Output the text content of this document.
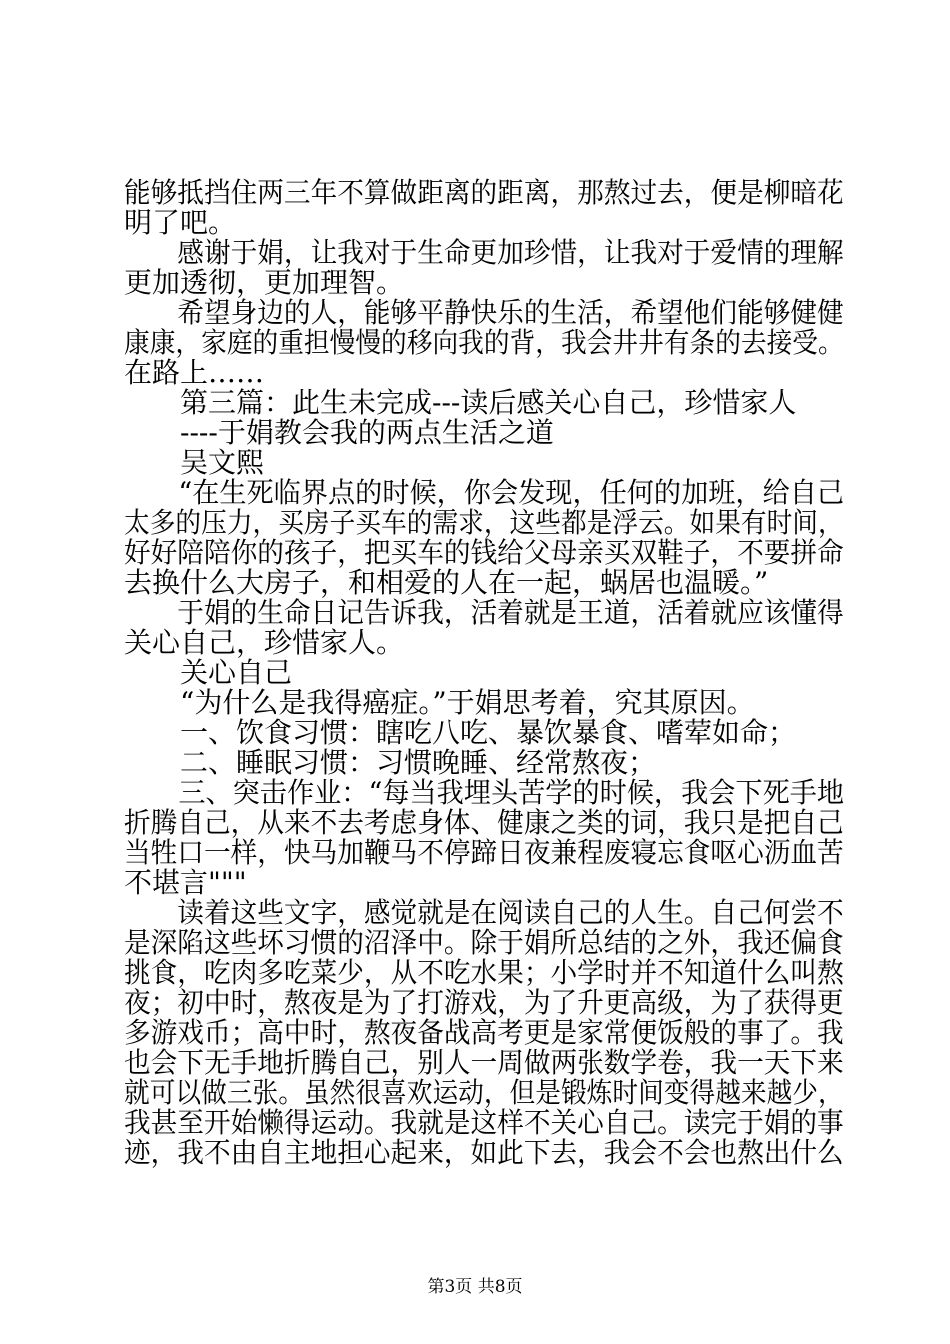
能够抵挡住两三年不算做距离的距离，那熬过去，便是柳暗花
明了吧。
感谢于娟，让我对于生命更加珍惜，让我对于爱情的理解
更加透彻，更加理智。
希望身边的人，能够平静快乐的生活，希望他们能够健健
康康，家庭的重担慢慢的移向我的背，我会井井有条的去接受。
在路上……
第三篇：此生未完成---读后感关心自己，珍惜家人
----于娟教会我的两点生活之道
吴文熙
“在生死临界点的时候，你会发现，任何的加班，给自己
太多的压力，买房子买车的需求，这些都是浮云。如果有时间，
好好陪陪你的孩子，把买车的钱给父母亲买双鞋子，不要拼命
去换什么大房子，和相爱的人在一起，蜗居也温暖。”
于娟的生命日记告诉我，活着就是王道，活着就应该懂得
关心自己，珍惜家人。
关心自己
“为什么是我得癌症。”于娟思考着，究其原因。
一、饮食习惯：瞎吃八吃、暴饮暴食、嗜荤如命；
二、睡眠习惯：习惯晚睡、经常熬夜；
三、突击作业：“每当我埋头苦学的时候，我会下死手地
折腾自己，从来不去考虑身体、健康之类的词，我只是把自己
当牲口一样，快马加鞭马不停蹄日夜兼程废寝忘食呕心沥血苦
不堪言"""
读着这些文字，感觉就是在阅读自己的人生。自己何尝不
是深陷这些坏习惯的沼泽中。除于娟所总结的之外，我还偏食
挑食，吃肉多吃菜少，从不吃水果；小学时并不知道什么叫熬
夜；初中时，熬夜是为了打游戏，为了升更高级，为了获得更
多游戏币；高中时，熬夜备战高考更是家常便饭般的事了。我
也会下无手地折腾自己，别人一周做两张数学卷，我一天下来
就可以做三张。虽然很喜欢运动，但是锻炼时间变得越来越少，
我甚至开始懒得运动。我就是这样不关心自己。读完于娟的事
迹，我不由自主地担心起来，如此下去，我会不会也熬出什么
第3页 共8页
